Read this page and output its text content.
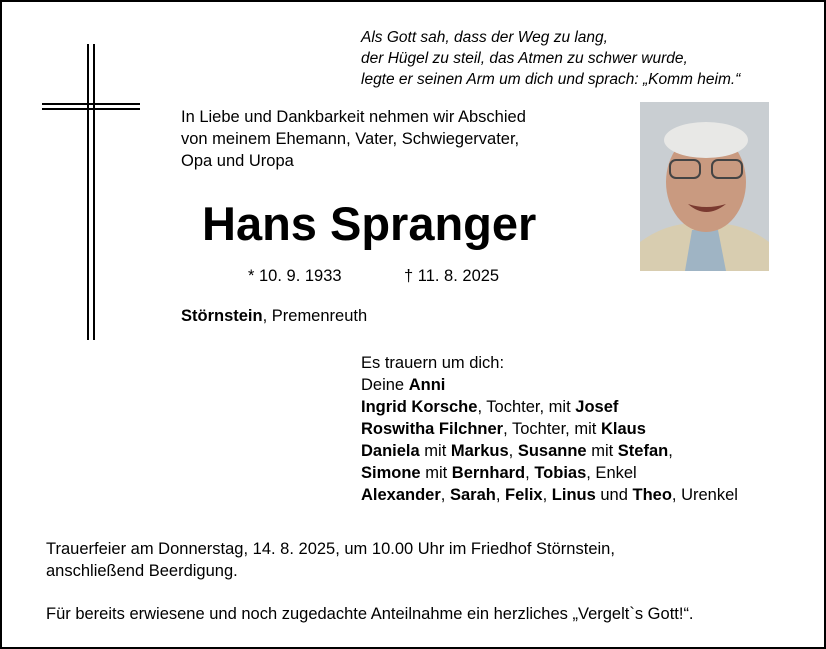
Als Gott sah, dass der Weg zu lang,
der Hügel zu steil, das Atmen zu schwer wurde,
legte er seinen Arm um dich und sprach: „Komm heim.“
In Liebe und Dankbarkeit nehmen wir Abschied
von meinem Ehemann, Vater, Schwiegervater,
Opa und Uropa
Hans Spranger
* 10. 9. 1933	† 11. 8. 2025
Störnstein, Premenreuth
Es trauern um dich:
Deine Anni
Ingrid Korsche, Tochter, mit Josef
Roswitha Filchner, Tochter, mit Klaus
Daniela mit Markus, Susanne mit Stefan,
Simone mit Bernhard, Tobias, Enkel
Alexander, Sarah, Felix, Linus und Theo, Urenkel
Trauerfeier am Donnerstag, 14. 8. 2025, um 10.00 Uhr im Friedhof Störnstein,
anschließend Beerdigung.
Für bereits erwiesene und noch zugedachte Anteilnahme ein herzliches „Vergelt`s Gott!“.
